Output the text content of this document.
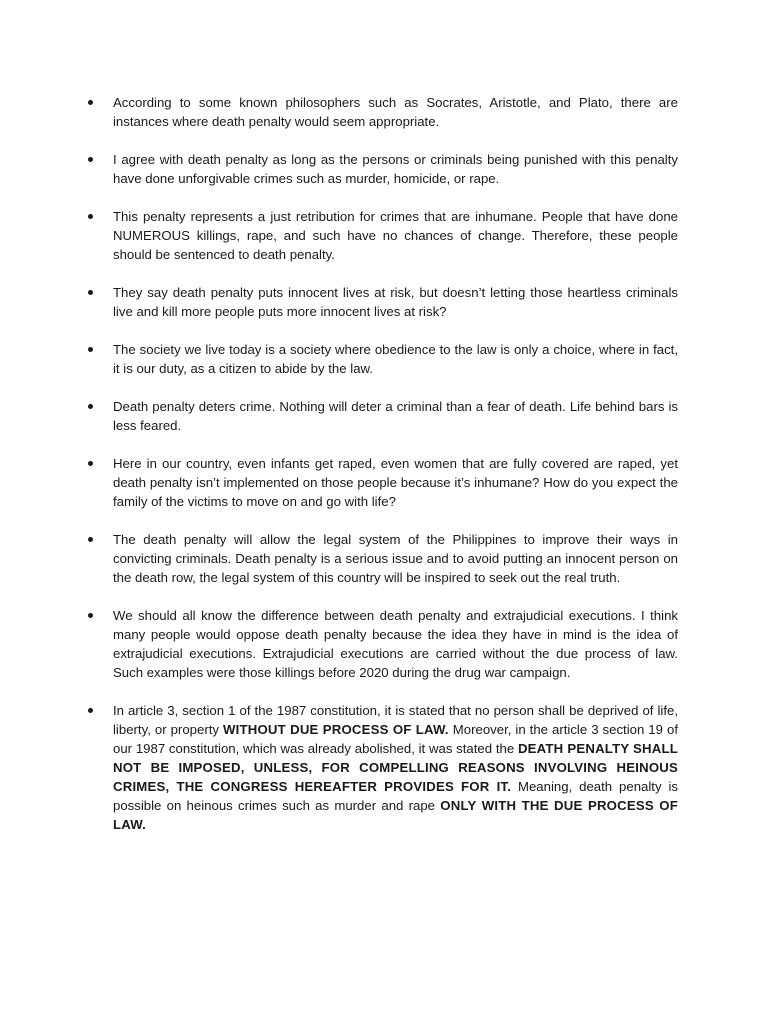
According to some known philosophers such as Socrates, Aristotle, and Plato, there are instances where death penalty would seem appropriate.
I agree with death penalty as long as the persons or criminals being punished with this penalty have done unforgivable crimes such as murder, homicide, or rape.
This penalty represents a just retribution for crimes that are inhumane. People that have done NUMEROUS killings, rape, and such have no chances of change. Therefore, these people should be sentenced to death penalty.
They say death penalty puts innocent lives at risk, but doesn’t letting those heartless criminals live and kill more people puts more innocent lives at risk?
The society we live today is a society where obedience to the law is only a choice, where in fact, it is our duty, as a citizen to abide by the law.
Death penalty deters crime. Nothing will deter a criminal than a fear of death. Life behind bars is less feared.
Here in our country, even infants get raped, even women that are fully covered are raped, yet death penalty isn’t implemented on those people because it’s inhumane? How do you expect the family of the victims to move on and go with life?
The death penalty will allow the legal system of the Philippines to improve their ways in convicting criminals. Death penalty is a serious issue and to avoid putting an innocent person on the death row, the legal system of this country will be inspired to seek out the real truth.
We should all know the difference between death penalty and extrajudicial executions. I think many people would oppose death penalty because the idea they have in mind is the idea of extrajudicial executions. Extrajudicial executions are carried without the due process of law. Such examples were those killings before 2020 during the drug war campaign.
In article 3, section 1 of the 1987 constitution, it is stated that no person shall be deprived of life, liberty, or property WITHOUT DUE PROCESS OF LAW. Moreover, in the article 3 section 19 of our 1987 constitution, which was already abolished, it was stated the DEATH PENALTY SHALL NOT BE IMPOSED, UNLESS, FOR COMPELLING REASONS INVOLVING HEINOUS CRIMES, THE CONGRESS HEREAFTER PROVIDES FOR IT. Meaning, death penalty is possible on heinous crimes such as murder and rape ONLY WITH THE DUE PROCESS OF LAW.
